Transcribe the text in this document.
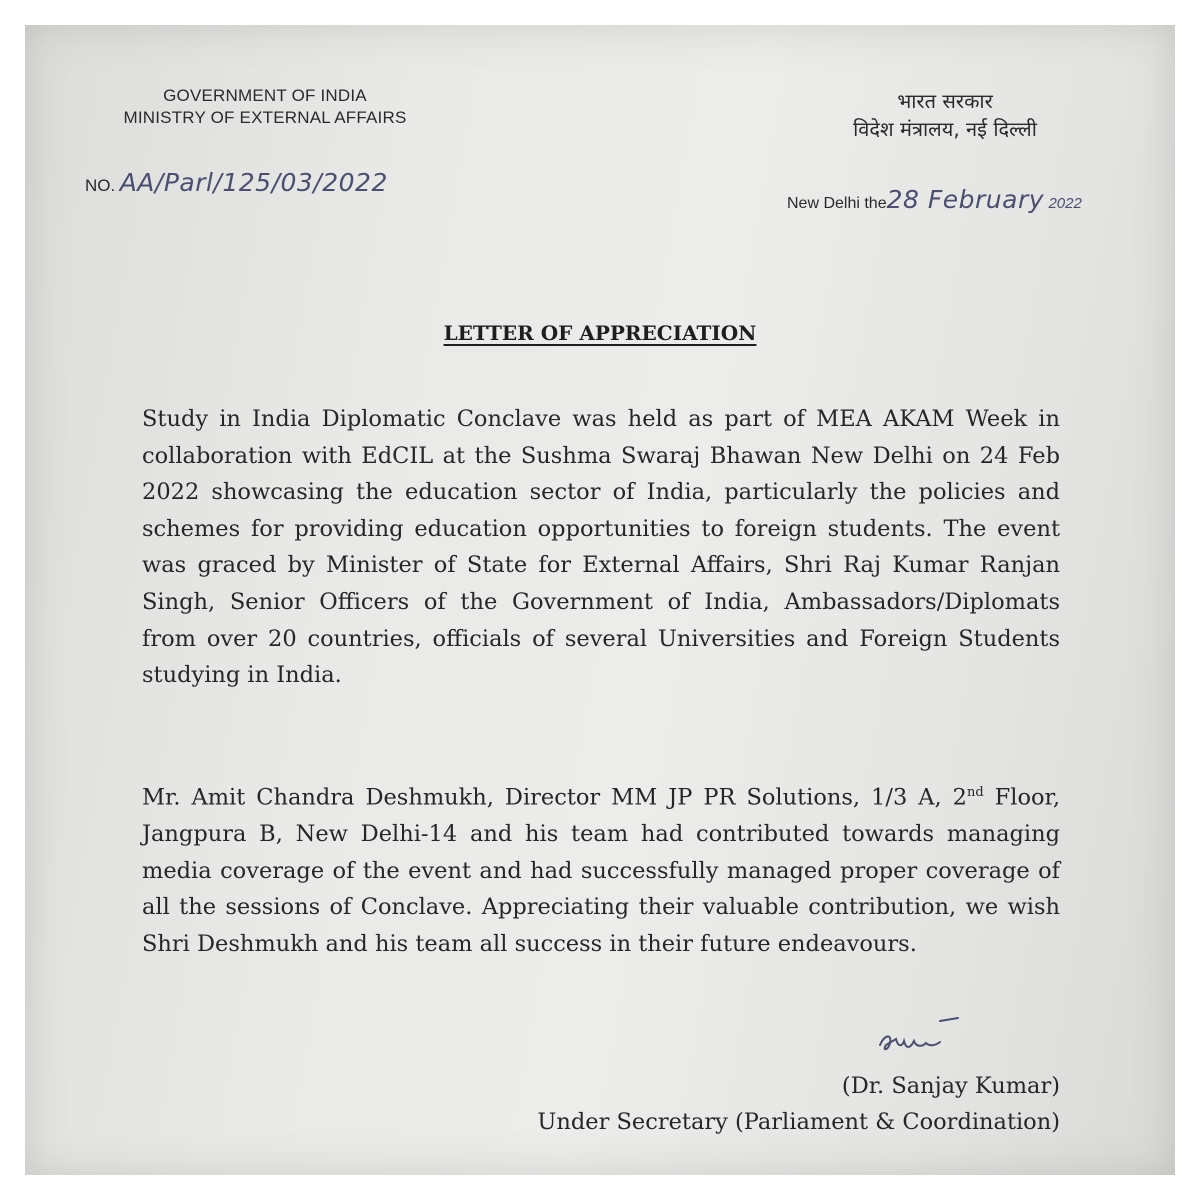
GOVERNMENT OF INDIA
MINISTRY OF EXTERNAL AFFAIRS
भारत सरकार
विदेश मंत्रालय, नई दिल्ली
NO. AA/Parl/125/03/2022
New Delhi the28 February 2022
LETTER OF APPRECIATION
Study in India Diplomatic Conclave was held as part of MEA AKAM Week in collaboration with EdCIL at the Sushma Swaraj Bhawan New Delhi on 24 Feb 2022 showcasing the education sector of India, particularly the policies and schemes for providing education opportunities to foreign students. The event was graced by Minister of State for External Affairs, Shri Raj Kumar Ranjan Singh, Senior Officers of the Government of India, Ambassadors/Diplomats from over 20 countries, officials of several Universities and Foreign Students studying in India.
Mr. Amit Chandra Deshmukh, Director MM JP PR Solutions, 1/3 A, 2nd Floor, Jangpura B, New Delhi-14 and his team had contributed towards managing media coverage of the event and had successfully managed proper coverage of all the sessions of Conclave. Appreciating their valuable contribution, we wish Shri Deshmukh and his team all success in their future endeavours.
(Dr. Sanjay Kumar)
Under Secretary (Parliament & Coordination)
